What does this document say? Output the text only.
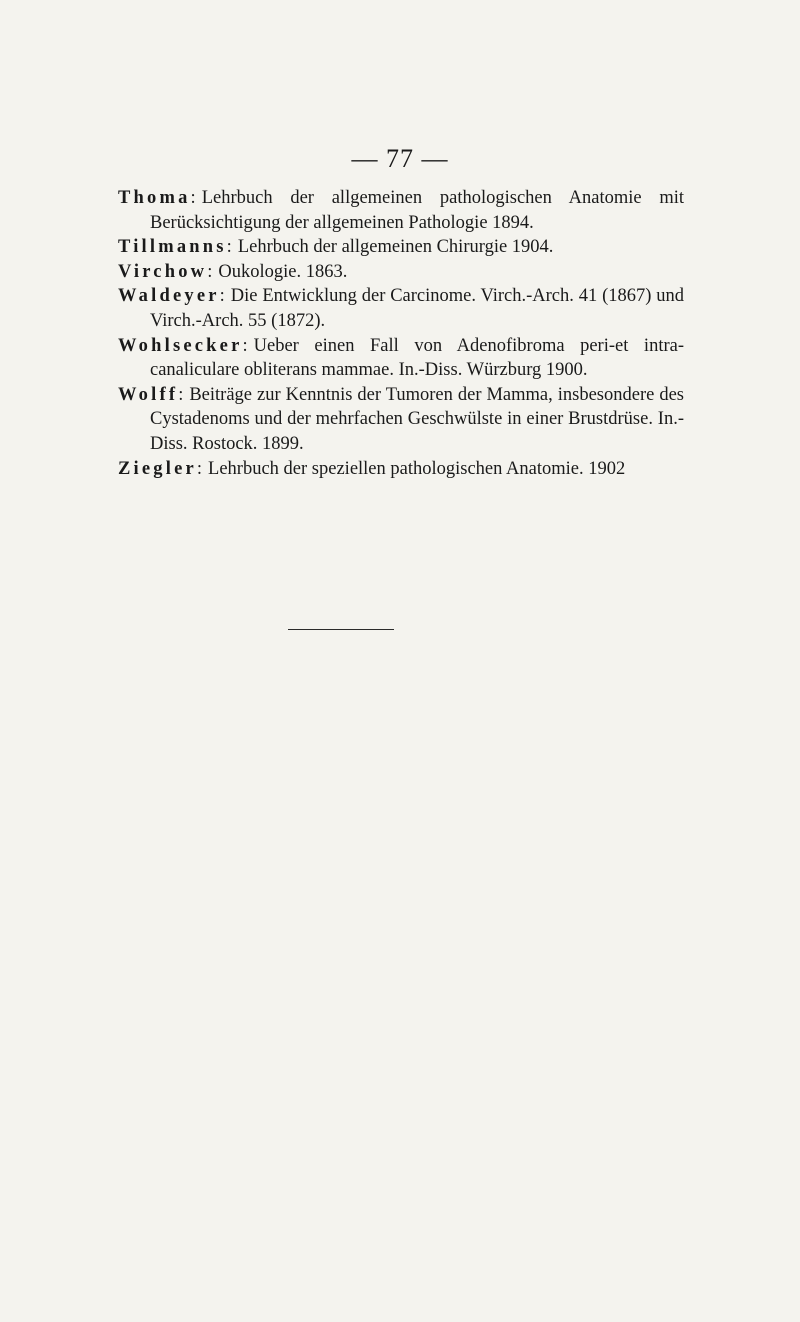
— 77 —
Thoma: Lehrbuch der allgemeinen pathologischen Anatomie mit Berücksichtigung der allgemeinen Pathologie 1894.
Tillmanns: Lehrbuch der allgemeinen Chirurgie 1904.
Virchow: Oukologie. 1863.
Waldeyer: Die Entwicklung der Carcinome. Virch.-Arch. 41 (1867) und Virch.-Arch. 55 (1872).
Wohlsecker: Ueber einen Fall von Adenofibroma peri-et intra-canaliculare obliterans mammae. In.-Diss. Würzburg 1900.
Wolff: Beiträge zur Kenntnis der Tumoren der Mamma, insbesondere des Cystadenoms und der mehrfachen Geschwülste in einer Brustdrüse. In.-Diss. Rostock. 1899.
Ziegler: Lehrbuch der speziellen pathologischen Anatomie. 1902
